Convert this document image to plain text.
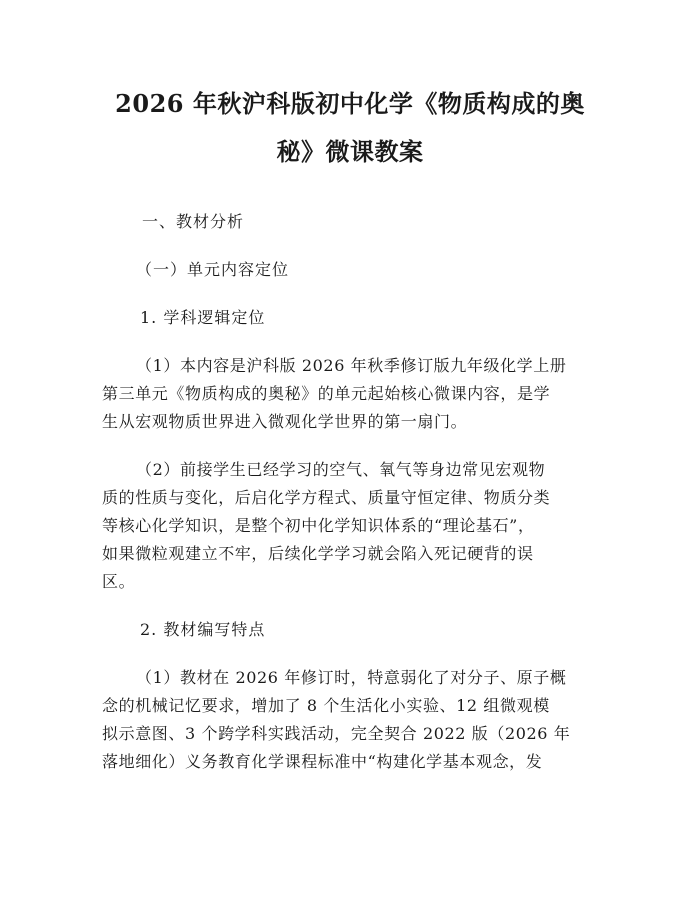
2026 年秋沪科版初中化学《物质构成的奥
秘》微课教案

一、教材分析

（一）单元内容定位

1. 学科逻辑定位

（1）本内容是沪科版 2026 年秋季修订版九年级化学上册
第三单元《物质构成的奥秘》的单元起始核心微课内容，是学
生从宏观物质世界进入微观化学世界的第一扇门。

（2）前接学生已经学习的空气、氧气等身边常见宏观物
质的性质与变化，后启化学方程式、质量守恒定律、物质分类
等核心化学知识，是整个初中化学知识体系的“理论基石”，
如果微粒观建立不牢，后续化学学习就会陷入死记硬背的误
区。

2. 教材编写特点

（1）教材在 2026 年修订时，特意弱化了对分子、原子概
念的机械记忆要求，增加了 8 个生活化小实验、12 组微观模
拟示意图、3 个跨学科实践活动，完全契合 2022 版（2026 年
落地细化）义务教育化学课程标准中“构建化学基本观念，发
